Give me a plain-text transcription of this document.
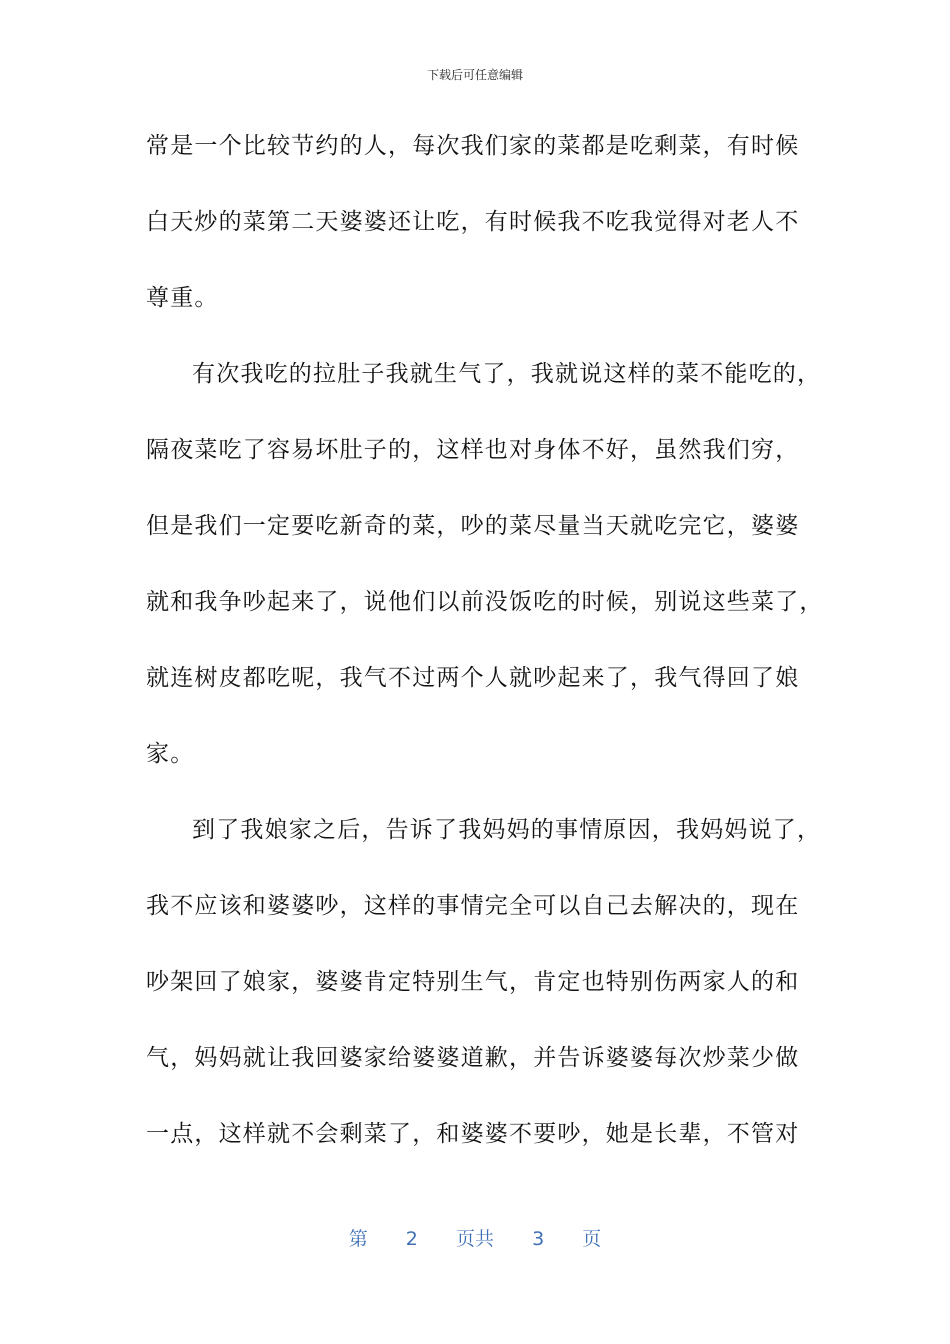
下载后可任意编辑
常是一个比较节约的人，每次我们家的菜都是吃剩菜，有时候
白天炒的菜第二天婆婆还让吃，有时候我不吃我觉得对老人不
尊重。
有次我吃的拉肚子我就生气了，我就说这样的菜不能吃的，
隔夜菜吃了容易坏肚子的，这样也对身体不好，虽然我们穷，
但是我们一定要吃新奇的菜，吵的菜尽量当天就吃完它，婆婆
就和我争吵起来了，说他们以前没饭吃的时候，别说这些菜了，
就连树皮都吃呢，我气不过两个人就吵起来了，我气得回了娘
家。
到了我娘家之后，告诉了我妈妈的事情原因，我妈妈说了，
我不应该和婆婆吵，这样的事情完全可以自己去解决的，现在
吵架回了娘家，婆婆肯定特别生气，肯定也特别伤两家人的和
气，妈妈就让我回婆家给婆婆道歉，并告诉婆婆每次炒菜少做
一点，这样就不会剩菜了，和婆婆不要吵，她是长辈，不管对
第 2 页共 3 页
